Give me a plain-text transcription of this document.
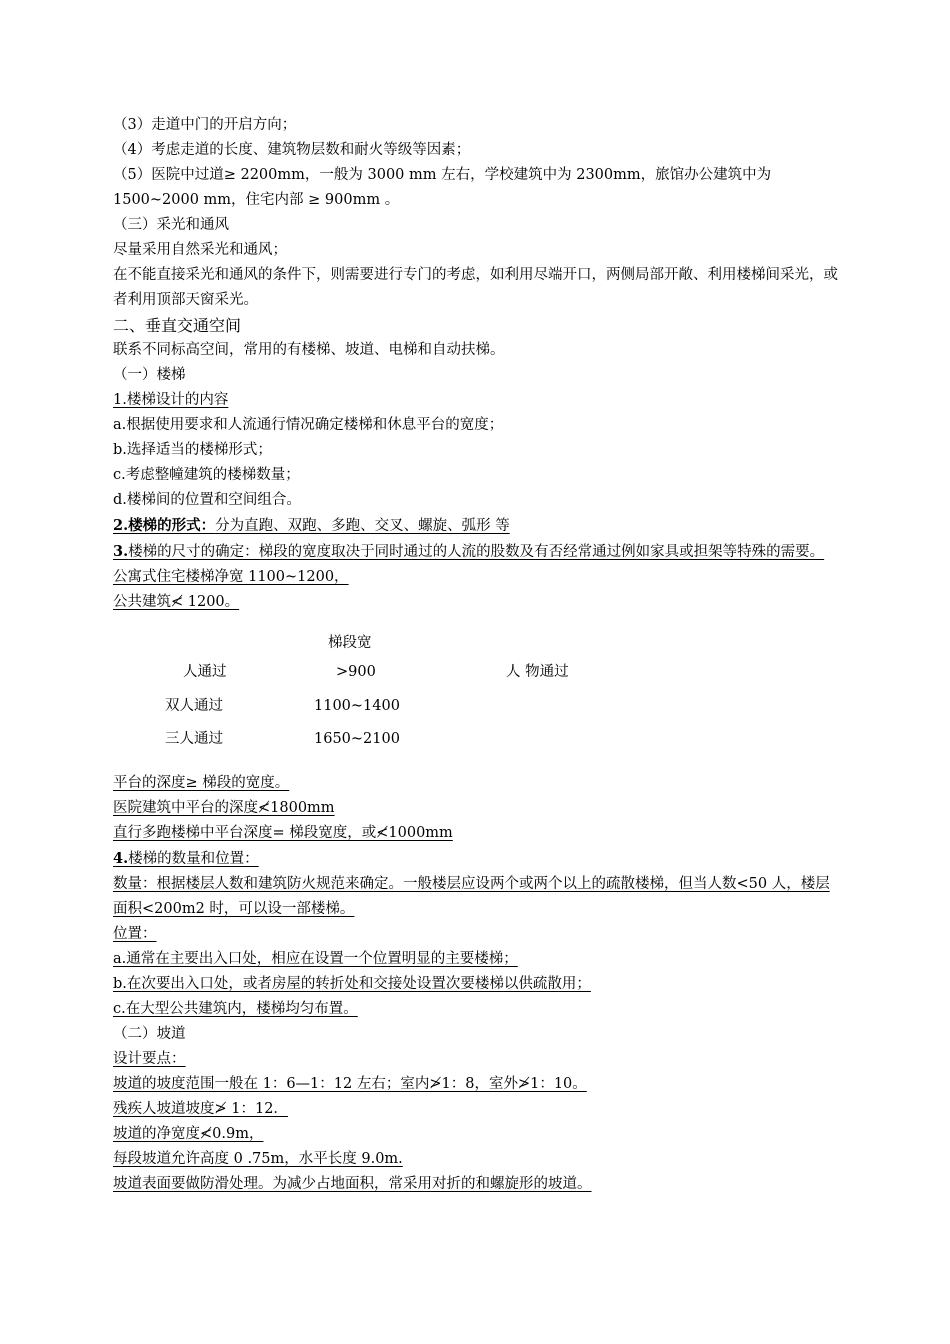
（3）走道中门的开启方向；
（4）考虑走道的长度、建筑物层数和耐火等级等因素；
（5）医院中过道≥ 2200mm，一般为 3000 mm 左右，学校建筑中为 2300mm，旅馆办公建筑中为 1500~2000 mm，住宅内部 ≥ 900mm 。
（三）采光和通风
尽量采用自然采光和通风；
在不能直接采光和通风的条件下，则需要进行专门的考虑，如利用尽端开口，两侧局部开敞、利用楼梯间采光，或者利用顶部天窗采光。
二、垂直交通空间
联系不同标高空间，常用的有楼梯、坡道、电梯和自动扶梯。
（一）楼梯
1.楼梯设计的内容
a.根据使用要求和人流通行情况确定楼梯和休息平台的宽度；
b.选择适当的楼梯形式；
c.考虑整幢建筑的楼梯数量；
d.楼梯间的位置和空间组合。
2.楼梯的形式：分为直跑、双跑、多跑、交叉、螺旋、弧形 等
3.楼梯的尺寸的确定：梯段的宽度取决于同时通过的人流的股数及有否经常通过例如家具或担架等特殊的需要。
公寓式住宅楼梯净宽 1100~1200，
公共建筑≮ 1200。
梯段宽
人通过	>900	人 物通过
双人通过	1100~1400
三人通过	1650~2100
平台的深度≥ 梯段的宽度。
医院建筑中平台的深度≮1800mm
直行多跑楼梯中平台深度= 梯段宽度，或≮1000mm
4.楼梯的数量和位置：
数量：根据楼层人数和建筑防火规范来确定。一般楼层应设两个或两个以上的疏散楼梯，但当人数<50 人，楼层面积<200m2 时，可以设一部楼梯。
位置：
a.通常在主要出入口处，相应在设置一个位置明显的主要楼梯；
b.在次要出入口处，或者房屋的转折处和交接处设置次要楼梯以供疏散用；
c.在大型公共建筑内，楼梯均匀布置。
（二）坡道
设计要点：
坡道的坡度范围一般在 1：6—1：12 左右；室内≯1：8，室外≯1：10。
残疾人坡道坡度≯ 1：12．
坡道的净宽度≮0.9m，
每段坡道允许高度 0 .75m，水平长度 9.0m.
坡道表面要做防滑处理。为减少占地面积，常采用对折的和螺旋形的坡道。
